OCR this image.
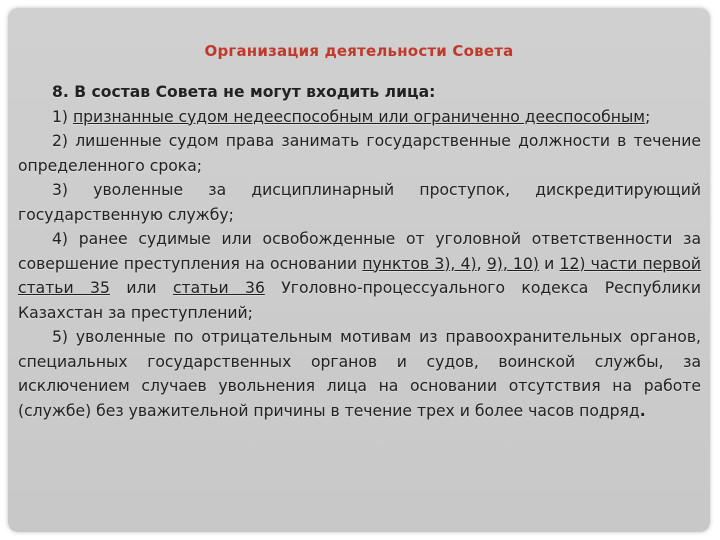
Организация деятельности Совета

8. В состав Совета не могут входить лица:

1) признанные судом недееспособным или ограниченно дееспособным;

2) лишенные судом права занимать государственные должности в течение определенного срока;

3) уволенные за дисциплинарный проступок, дискредитирующий государственную службу;

4) ранее судимые или освобожденные от уголовной ответственности за совершение преступления на основании пунктов 3), 4), 9), 10) и 12) части первой статьи 35 или статьи 36 Уголовно-процессуального кодекса Республики Казахстан за преступлений;

5) уволенные по отрицательным мотивам из правоохранительных органов, специальных государственных органов и судов, воинской службы, за исключением случаев увольнения лица на основании отсутствия на работе (службе) без уважительной причины в течение трех и более часов подряд.
